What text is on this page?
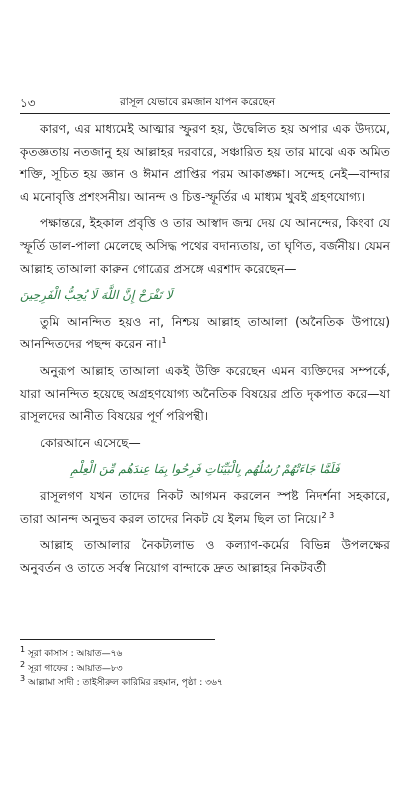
১৩	রাসূল যেভাবে রমজান যাপন করেছেন

কারণ, এর মাধ্যমেই আত্মার স্ফুরণ হয়, উদ্বেলিত হয় অপার এক উদ্যমে, কৃতজ্ঞতায় নতজানু হয় আল্লাহর দরবারে, সঞ্চারিত হয় তার মাঝে এক অমিত শক্তি, সূচিত হয় জ্ঞান ও ঈমান প্রাপ্তির পরম আকাঙ্ক্ষা। সন্দেহ নেই—বান্দার এ মনোবৃত্তি প্রশংসনীয়। আনন্দ ও চিত্ত-স্ফূর্তির এ মাধ্যম খুবই গ্রহণযোগ্য।

পক্ষান্তরে, ইহকাল প্রবৃত্তি ও তার আস্বাদ জন্ম দেয় যে আনন্দের, কিংবা যে স্ফূর্তি ডাল-পালা মেলেছে অসিদ্ধ পথের বদান্যতায়, তা ঘৃণিত, বর্জনীয়। যেমন আল্লাহ তাআলা কারুন গোত্রের প্রসঙ্গে এরশাদ করেছেন—

لَا تَفْرَحْ إِنَّ اللَّهَ لَا يُحِبُّ الْفَرِحِينَ

তুমি আনন্দিত হয়ও না, নিশ্চয় আল্লাহ তাআলা (অনৈতিক উপায়ে) আনন্দিতদের পছন্দ করেন না।$^1$

অনুরূপ আল্লাহ তাআলা একই উক্তি করেছেন এমন ব্যক্তিদের সম্পর্কে, যারা আনন্দিত হয়েছে অগ্রহণযোগ্য অনৈতিক বিষয়ের প্রতি দৃকপাত করে—যা রাসূলদের আনীত বিষয়ের পূর্ণ পরিপন্থী।

কোরআনে এসেছে—

فَلَمَّا جَاءَتْهُمْ رُسُلُهُم بِالْبَيِّنَاتِ فَرِحُوا بِمَا عِندَهُم مِّنَ الْعِلْمِ

রাসূলগণ যখন তাদের নিকট আগমন করলেন স্পষ্ট নিদর্শনা সহকারে, তারা আনন্দ অনুভব করল তাদের নিকট যে ইলম ছিল তা নিয়ে।$^{2 3}$

আল্লাহ তাআলার নৈকট্যলাভ ও কল্যাণ-কর্মের বিভিন্ন উপলক্ষের অনুবর্তন ও তাতে সর্বস্ব নিয়োগ বান্দাকে দ্রুত আল্লাহর নিকটবর্তী

$^1$ সূরা কাসাস : আয়াত—৭৬
$^2$ সূরা গাফের : আয়াত—৮৩
$^3$ আল্লামা সাদী : তাইসীরুল কারিমির রহমান, পৃষ্ঠা : ৩৬৭
